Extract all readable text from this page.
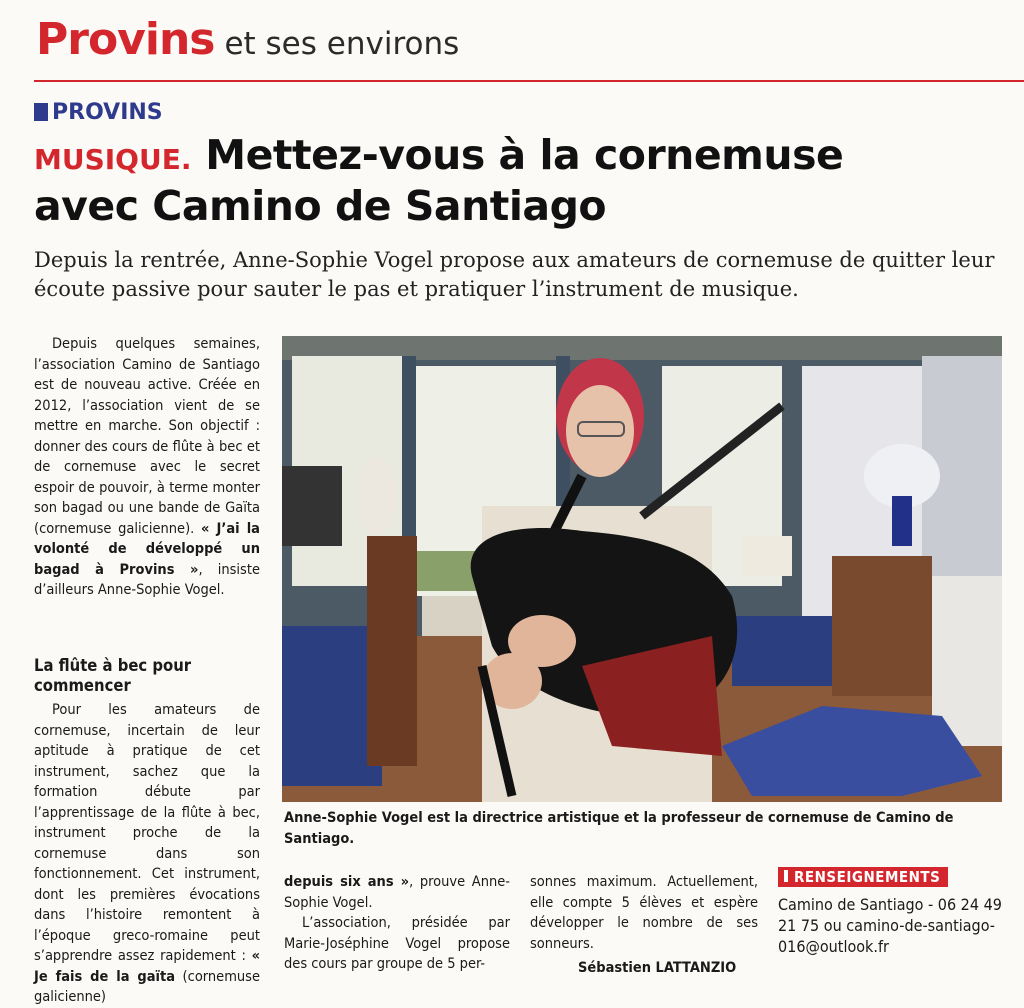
Provins et ses environs
PROVINS
MUSIQUE. Mettez-vous à la cornemuse
avec Camino de Santiago
Depuis la rentrée, Anne-Sophie Vogel propose aux amateurs de cornemuse de quitter leur écoute passive pour sauter le pas et pratiquer l’instrument de musique.

Depuis quelques semaines, l’association Camino de Santiago est de nouveau active. Créée en 2012, l’association vient de se mettre en marche. Son objectif : donner des cours de flûte à bec et de cornemuse avec le secret espoir de pouvoir, à terme monter son bagad ou une bande de Gaïta (cornemuse galicienne). « J’ai la volonté de développé un bagad à Provins », insiste d’ailleurs Anne-Sophie Vogel.

La flûte à bec pour commencer

Pour les amateurs de cornemuse, incertain de leur aptitude à pratique de cet instrument, sachez que la formation débute par l’apprentissage de la flûte à bec, instrument proche de la cornemuse dans son fonctionnement. Cet instrument, dont les premières évocations dans l’histoire remontent à l’époque greco-romaine peut s’apprendre assez rapidement : « Je fais de la gaïta (cornemuse galicienne)

depuis six ans », prouve Anne-Sophie Vogel.

L’association, présidée par Marie-Joséphine Vogel propose des cours par groupe de 5 per-

sonnes maximum. Actuellement, elle compte 5 élèves et espère développer le nombre de ses sonneurs.

Sébastien LATTANZIO
Anne-Sophie Vogel est la directrice artistique et la professeur de cornemuse de Camino de Santiago.
RENSEIGNEMENTS
Camino de Santiago - 06 24 49 21 75 ou camino-de-santiago-016@outlook.fr
